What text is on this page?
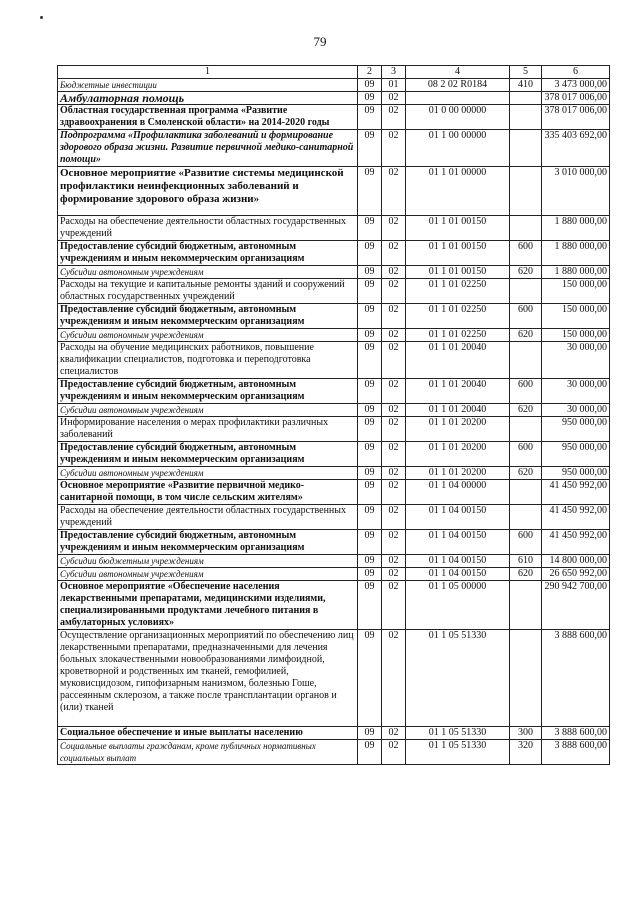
79
1	2	3	4	5	6
Бюджетные инвестиции	09	01	08 2 02 R0184	410	3 473 000,00
Амбулаторная помощь	09	02			378 017 006,00
Областная государственная программа «Развитие здравоохранения в Смоленской области» на 2014-2020 годы	09	02	01 0 00 00000		378 017 006,00
Подпрограмма «Профилактика заболеваний и формирование здорового образа жизни. Развитие первичной медико-санитарной помощи»	09	02	01 1 00 00000		335 403 692,00
Основное мероприятие «Развитие системы медицинской профилактики неинфекционных заболеваний и формирование здорового образа жизни»	09	02	01 1 01 00000		3 010 000,00
Расходы на обеспечение деятельности областных государственных учреждений	09	02	01 1 01 00150		1 880 000,00
Предоставление субсидий бюджетным, автономным учреждениям и иным некоммерческим организациям	09	02	01 1 01 00150	600	1 880 000,00
Субсидии автономным учреждениям	09	02	01 1 01 00150	620	1 880 000,00
Расходы на текущие и капитальные ремонты зданий и сооружений областных государственных учреждений	09	02	01 1 01 02250		150 000,00
Предоставление субсидий бюджетным, автономным учреждениям и иным некоммерческим организациям	09	02	01 1 01 02250	600	150 000,00
Субсидии автономным учреждениям	09	02	01 1 01 02250	620	150 000,00
Расходы на обучение медицинских работников, повышение квалификации специалистов, подготовка и переподготовка специалистов	09	02	01 1 01 20040		30 000,00
Предоставление субсидий бюджетным, автономным учреждениям и иным некоммерческим организациям	09	02	01 1 01 20040	600	30 000,00
Субсидии автономным учреждениям	09	02	01 1 01 20040	620	30 000,00
Информирование населения о мерах профилактики различных заболеваний	09	02	01 1 01 20200		950 000,00
Предоставление субсидий бюджетным, автономным учреждениям и иным некоммерческим организациям	09	02	01 1 01 20200	600	950 000,00
Субсидии автономным учреждениям	09	02	01 1 01 20200	620	950 000,00
Основное мероприятие «Развитие первичной медико-санитарной помощи, в том числе сельским жителям»	09	02	01 1 04 00000		41 450 992,00
Расходы на обеспечение деятельности областных государственных учреждений	09	02	01 1 04 00150		41 450 992,00
Предоставление субсидий бюджетным, автономным учреждениям и иным некоммерческим организациям	09	02	01 1 04 00150	600	41 450 992,00
Субсидии бюджетным учреждениям	09	02	01 1 04 00150	610	14 800 000,00
Субсидии автономным учреждениям	09	02	01 1 04 00150	620	26 650 992,00
Основное мероприятие «Обеспечение населения лекарственными препаратами, медицинскими изделиями, специализированными продуктами лечебного питания в амбулаторных условиях»	09	02	01 1 05 00000		290 942 700,00
Осуществление организационных мероприятий по обеспечению лиц лекарственными препаратами, предназначенными для лечения больных злокачественными новообразованиями лимфоидной, кроветворной и родственных им тканей, гемофилией, муковисцидозом, гипофизарным нанизмом, болезнью Гоше, рассеянным склерозом, а также после трансплантации органов и (или) тканей	09	02	01 1 05 51330		3 888 600,00
Социальное обеспечение и иные выплаты населению	09	02	01 1 05 51330	300	3 888 600,00
Социальные выплаты гражданам, кроме публичных нормативных социальных выплат	09	02	01 1 05 51330	320	3 888 600,00
